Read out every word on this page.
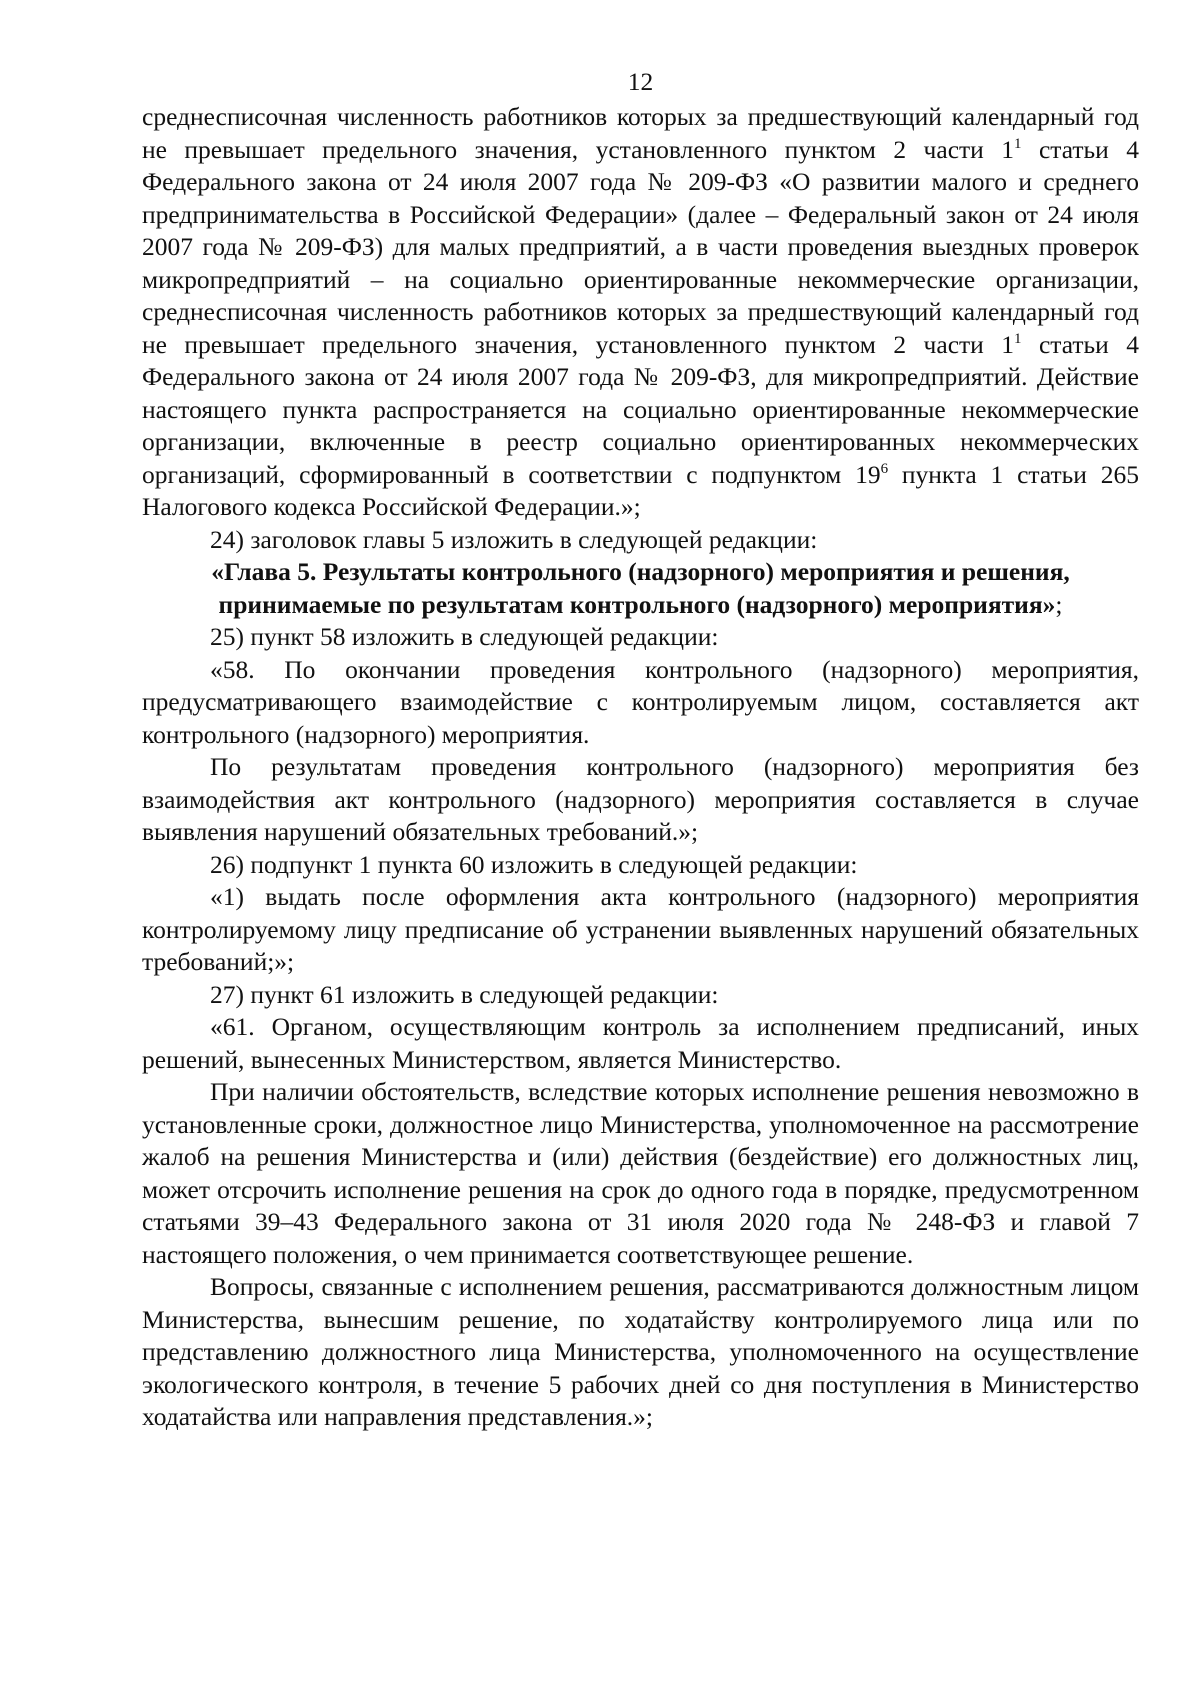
12

среднесписочная численность работников которых за предшествующий календарный год не превышает предельного значения, установленного пунктом 2 части $1^1$ статьи 4 Федерального закона от 24 июля 2007 года № 209-ФЗ «О развитии малого и среднего предпринимательства в Российской Федерации» (далее – Федеральный закон от 24 июля 2007 года № 209-ФЗ) для малых предприятий, а в части проведения выездных проверок микропредприятий – на социально ориентированные некоммерческие организации, среднесписочная численность работников которых за предшествующий календарный год не превышает предельного значения, установленного пунктом 2 части $1^1$ статьи 4 Федерального закона от 24 июля 2007 года № 209-ФЗ, для микропредприятий. Действие настоящего пункта распространяется на социально ориентированные некоммерческие организации, включенные в реестр социально ориентированных некоммерческих организаций, сформированный в соответствии с подпунктом $19^6$ пункта 1 статьи 265 Налогового кодекса Российской Федерации.»;

24) заголовок главы 5 изложить в следующей редакции:

«Глава 5. Результаты контрольного (надзорного) мероприятия и решения, принимаемые по результатам контрольного (надзорного) мероприятия»;

25) пункт 58 изложить в следующей редакции:

«58. По окончании проведения контрольного (надзорного) мероприятия, предусматривающего взаимодействие с контролируемым лицом, составляется акт контрольного (надзорного) мероприятия.

По результатам проведения контрольного (надзорного) мероприятия без взаимодействия акт контрольного (надзорного) мероприятия составляется в случае выявления нарушений обязательных требований.»;

26) подпункт 1 пункта 60 изложить в следующей редакции:

«1) выдать после оформления акта контрольного (надзорного) мероприятия контролируемому лицу предписание об устранении выявленных нарушений обязательных требований;»;

27) пункт 61 изложить в следующей редакции:

«61. Органом, осуществляющим контроль за исполнением предписаний, иных решений, вынесенных Министерством, является Министерство.

При наличии обстоятельств, вследствие которых исполнение решения невозможно в установленные сроки, должностное лицо Министерства, уполномоченное на рассмотрение жалоб на решения Министерства и (или) действия (бездействие) его должностных лиц, может отсрочить исполнение решения на срок до одного года в порядке, предусмотренном статьями 39–43 Федерального закона от 31 июля 2020 года № 248-ФЗ и главой 7 настоящего положения, о чем принимается соответствующее решение.

Вопросы, связанные с исполнением решения, рассматриваются должностным лицом Министерства, вынесшим решение, по ходатайству контролируемого лица или по представлению должностного лица Министерства, уполномоченного на осуществление экологического контроля, в течение 5 рабочих дней со дня поступления в Министерство ходатайства или направления представления.»;
